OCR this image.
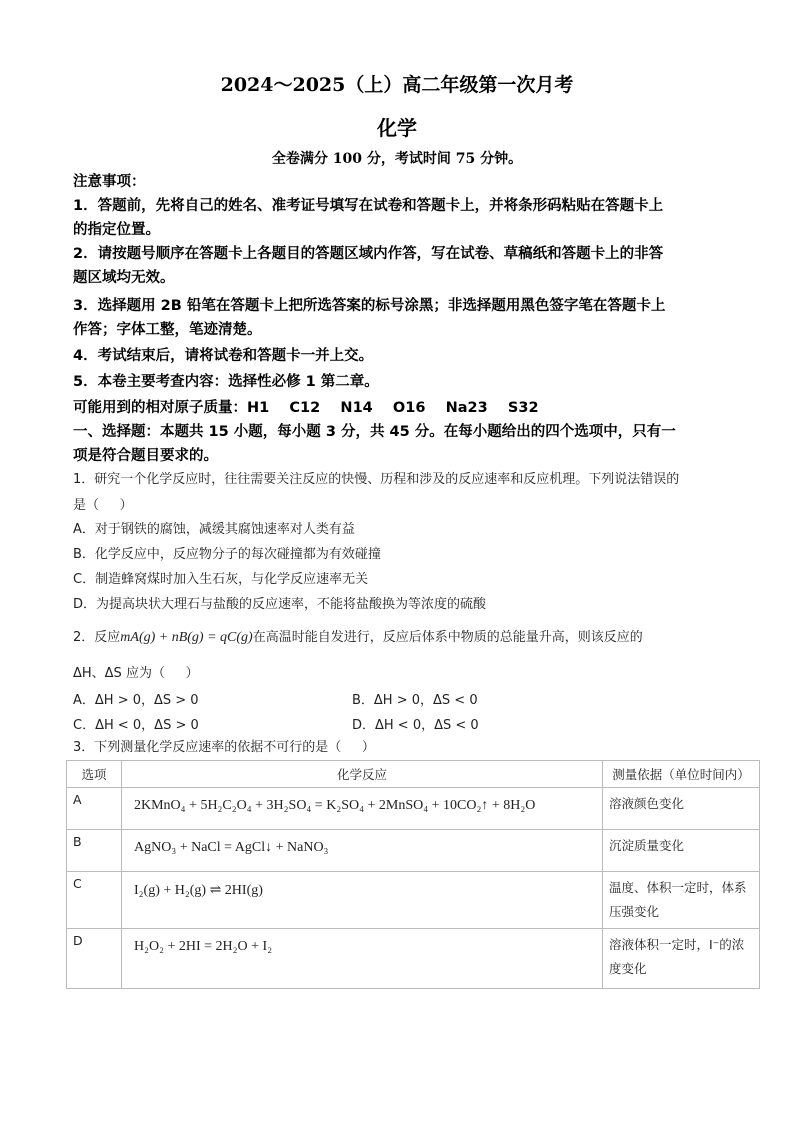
2024～2025（上）高二年级第一次月考
化学
全卷满分 100 分，考试时间 75 分钟。
注意事项：
1．答题前，先将自己的姓名、准考证号填写在试卷和答题卡上，并将条形码粘贴在答题卡上
的指定位置。
2．请按题号顺序在答题卡上各题目的答题区域内作答，写在试卷、草稿纸和答题卡上的非答
题区域均无效。
3．选择题用 2B 铅笔在答题卡上把所选答案的标号涂黑；非选择题用黑色签字笔在答题卡上
作答；字体工整，笔迹清楚。
4．考试结束后，请将试卷和答题卡一并上交。
5．本卷主要考查内容：选择性必修 1 第二章。
可能用到的相对原子质量：H1    C12    N14    O16    Na23    S32
一、选择题：本题共 15 小题，每小题 3 分，共 45 分。在每小题给出的四个选项中，只有一
项是符合题目要求的。
1．研究一个化学反应时，往往需要关注反应的快慢、历程和涉及的反应速率和反应机理。下列说法错误的
是（     ）
A．对于钢铁的腐蚀，减缓其腐蚀速率对人类有益
B．化学反应中，反应物分子的每次碰撞都为有效碰撞
C．制造蜂窝煤时加入生石灰，与化学反应速率无关
D．为提高块状大理石与盐酸的反应速率，不能将盐酸换为等浓度的硫酸
2．反应mA(g) + nB(g) = qC(g)在高温时能自发进行，反应后体系中物质的总能量升高，则该反应的
ΔH、ΔS 应为（     ）
A．ΔH > 0，ΔS > 0	B．ΔH > 0，ΔS < 0
C．ΔH < 0，ΔS > 0	D．ΔH < 0，ΔS < 0
3．下列测量化学反应速率的依据不可行的是（     ）
选项	化学反应	测量依据（单位时间内）
A	2KMnO₄ + 5H₂C₂O₄ + 3H₂SO₄ = K₂SO₄ + 2MnSO₄ + 10CO₂↑ + 8H₂O	溶液颜色变化
B	AgNO₃ + NaCl = AgCl↓ + NaNO₃	沉淀质量变化
C	I₂(g) + H₂(g) ⇌ 2HI(g)	温度、体积一定时，体系压强变化
D	H₂O₂ + 2HI = 2H₂O + I₂	溶液体积一定时，I⁻的浓度变化
